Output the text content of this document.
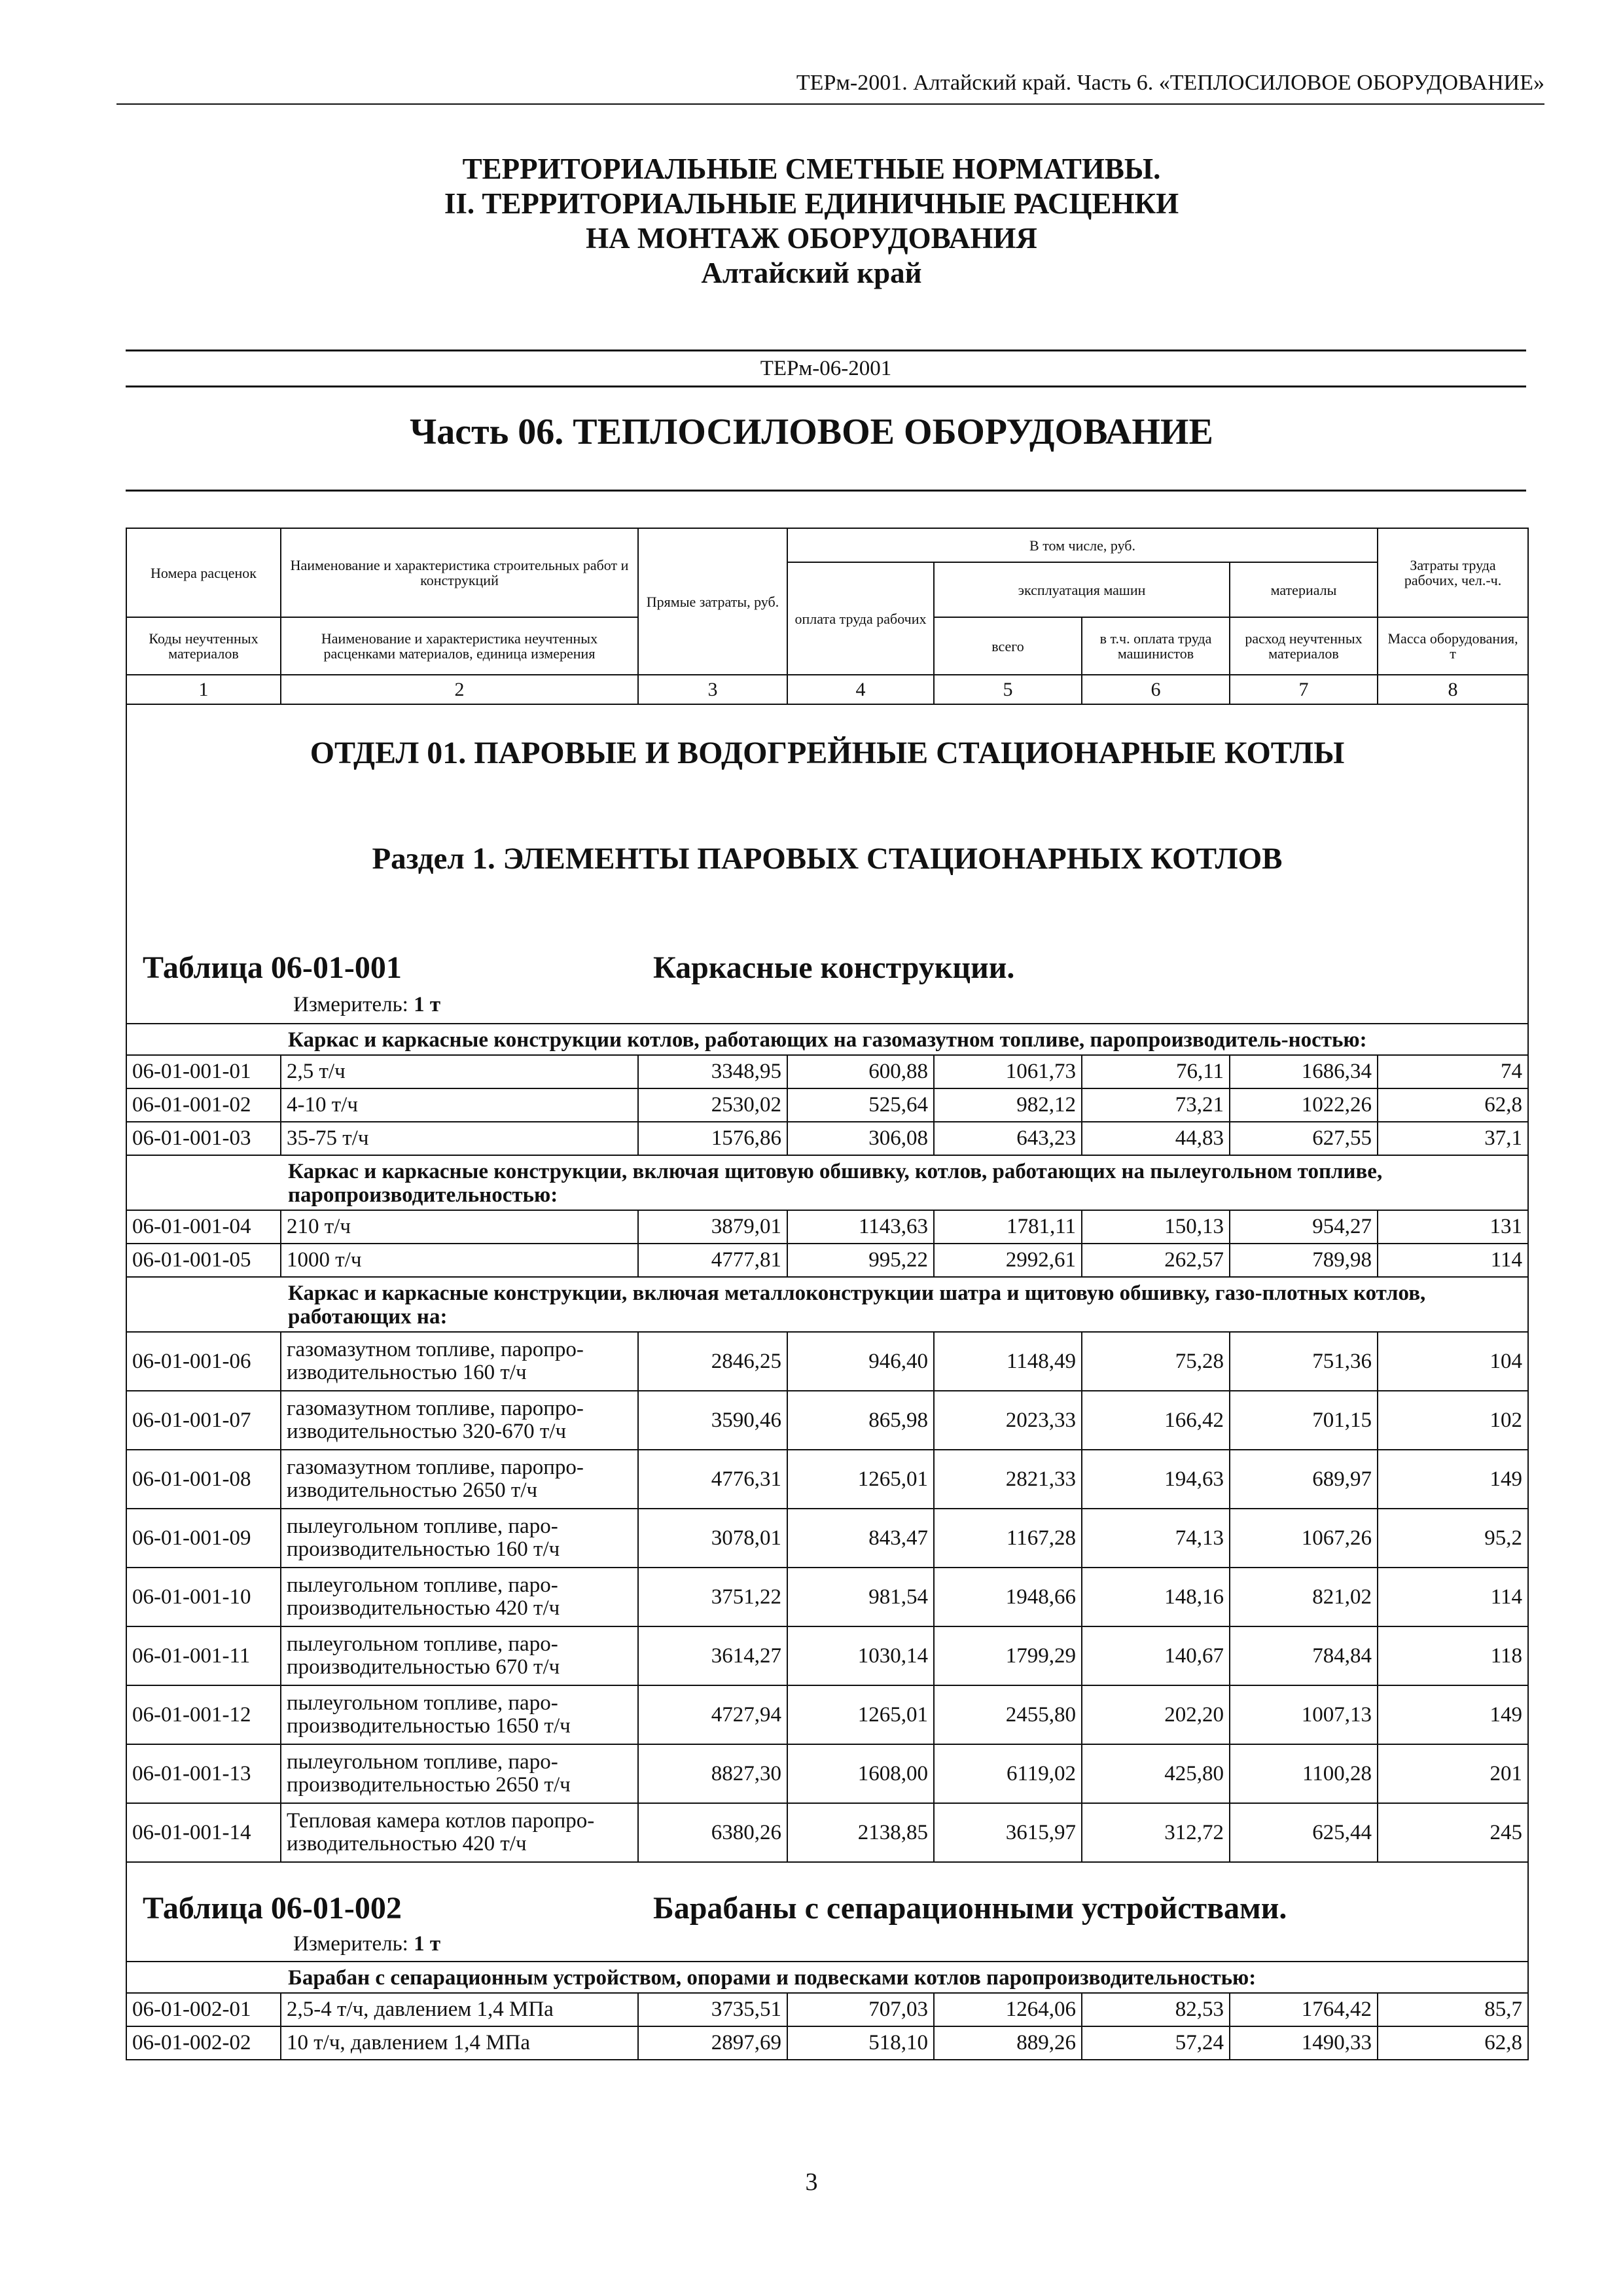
ТЕРм-2001. Алтайский край. Часть 6. «ТЕПЛОСИЛОВОЕ ОБОРУДОВАНИЕ»
ТЕРРИТОРИАЛЬНЫЕ СМЕТНЫЕ НОРМАТИВЫ.
II. ТЕРРИТОРИАЛЬНЫЕ ЕДИНИЧНЫЕ РАСЦЕНКИ
НА МОНТАЖ ОБОРУДОВАНИЯ
Алтайский край
ТЕРм-06-2001
Часть 06. ТЕПЛОСИЛОВОЕ ОБОРУДОВАНИЕ
Номера расценок	Наименование и характеристика строительных работ и конструкций	Прямые затраты, руб.	В том числе, руб.				Затраты труда рабочих, чел.-ч.
			оплата труда рабочих	эксплуатация машин		материалы	
Коды неучтенных материалов	Наименование и характеристика неучтенных расценками материалов, единица измерения			всего	в т.ч. оплата труда машинистов	расход неучтенных материалов	Масса оборудования, т
1	2	3	4	5	6	7	8

ОТДЕЛ 01. ПАРОВЫЕ И ВОДОГРЕЙНЫЕ СТАЦИОНАРНЫЕ КОТЛЫ
Раздел 1. ЭЛЕМЕНТЫ ПАРОВЫХ СТАЦИОНАРНЫХ КОТЛОВ
Таблица 06-01-001 Каркасные конструкции.
Измеритель: 1 т							

Каркас и каркасные конструкции котлов, работающих на газомазутном топливе, паропроизводитель-ностью:							
06-01-001-01	2,5 т/ч	3348,95	600,88	1061,73	76,11	1686,34	74
06-01-001-02	4-10 т/ч	2530,02	525,64	982,12	73,21	1022,26	62,8
06-01-001-03	35-75 т/ч	1576,86	306,08	643,23	44,83	627,55	37,1
Каркас и каркасные конструкции, включая щитовую обшивку, котлов, работающих на пылеугольном топливе, паропроизводительностью:							
06-01-001-04	210 т/ч	3879,01	1143,63	1781,11	150,13	954,27	131
06-01-001-05	1000 т/ч	4777,81	995,22	2992,61	262,57	789,98	114
Каркас и каркасные конструкции, включая металлоконструкции шатра и щитовую обшивку, газо-плотных котлов, работающих на:							
06-01-001-06	газомазутном топливе, паропро-изводительностью 160 т/ч	2846,25	946,40	1148,49	75,28	751,36	104
06-01-001-07	газомазутном топливе, паропро-изводительностью 320-670 т/ч	3590,46	865,98	2023,33	166,42	701,15	102
06-01-001-08	газомазутном топливе, паропро-изводительностью 2650 т/ч	4776,31	1265,01	2821,33	194,63	689,97	149
06-01-001-09	пылеугольном топливе, паро-производительностью 160 т/ч	3078,01	843,47	1167,28	74,13	1067,26	95,2
06-01-001-10	пылеугольном топливе, паро-производительностью 420 т/ч	3751,22	981,54	1948,66	148,16	821,02	114
06-01-001-11	пылеугольном топливе, паро-производительностью 670 т/ч	3614,27	1030,14	1799,29	140,67	784,84	118
06-01-001-12	пылеугольном топливе, паро-производительностью 1650 т/ч	4727,94	1265,01	2455,80	202,20	1007,13	149
06-01-001-13	пылеугольном топливе, паро-производительностью 2650 т/ч	8827,30	1608,00	6119,02	425,80	1100,28	201
06-01-001-14	Тепловая камера котлов паропро-изводительностью 420 т/ч	6380,26	2138,85	3615,97	312,72	625,44	245

Таблица 06-01-002 Барабаны с сепарационными устройствами.
Измеритель: 1 т							

Барабан с сепарационным устройством, опорами и подвесками котлов паропроизводительностью:							
06-01-002-01	2,5-4 т/ч, давлением 1,4 МПа	3735,51	707,03	1264,06	82,53	1764,42	85,7
06-01-002-02	10 т/ч, давлением 1,4 МПа	2897,69	518,10	889,26	57,24	1490,33	62,8
3
